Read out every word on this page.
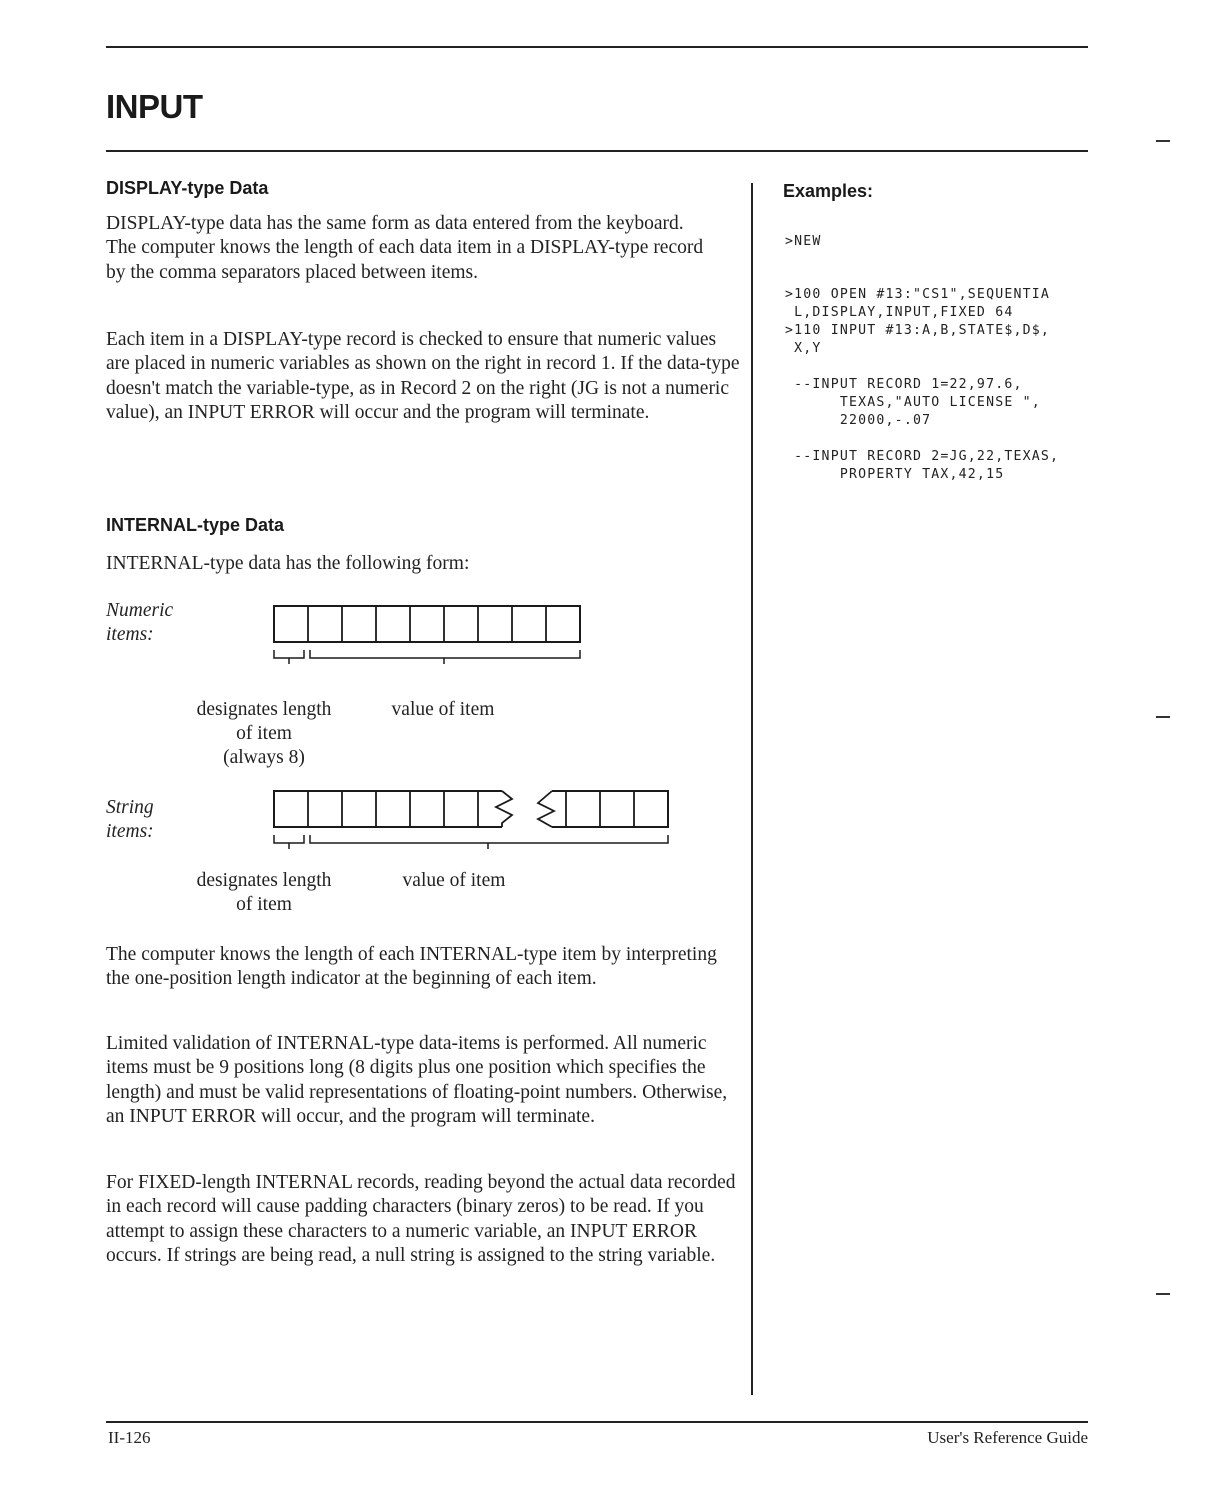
INPUT
DISPLAY-type Data

DISPLAY-type data has the same form as data entered from the keyboard. The computer knows the length of each data item in a DISPLAY-type record by the comma separators placed between items.

Each item in a DISPLAY-type record is checked to ensure that numeric values are placed in numeric variables as shown on the right in record 1. If the data-type doesn't match the variable-type, as in Record 2 on the right (JG is not a numeric value), an INPUT ERROR will occur and the program will terminate.

INTERNAL-type Data

INTERNAL-type data has the following form:

Numeric
items:

designates length
of item
(always 8)

value of item

String
items:

designates length
of item

value of item

The computer knows the length of each INTERNAL-type item by interpreting the one-position length indicator at the beginning of each item.

Limited validation of INTERNAL-type data-items is performed. All numeric items must be 9 positions long (8 digits plus one position which specifies the length) and must be valid representations of floating-point numbers. Otherwise, an INPUT ERROR will occur, and the program will terminate.

For FIXED-length INTERNAL records, reading beyond the actual data recorded in each record will cause padding characters (binary zeros) to be read. If you attempt to assign these characters to a numeric variable, an INPUT ERROR occurs. If strings are being read, a null string is assigned to the string variable.

Examples:

>NEW

>100 OPEN #13:"CS1",SEQUENTIA
L,DISPLAY,INPUT,FIXED 64
>110 INPUT #13:A,B,STATE$,D$,
X,Y

--INPUT RECORD 1=22,97.6,
TEXAS,"AUTO LICENSE ",
22000,-.07

--INPUT RECORD 2=JG,22,TEXAS,
PROPERTY TAX,42,15

II-126	User's Reference Guide
